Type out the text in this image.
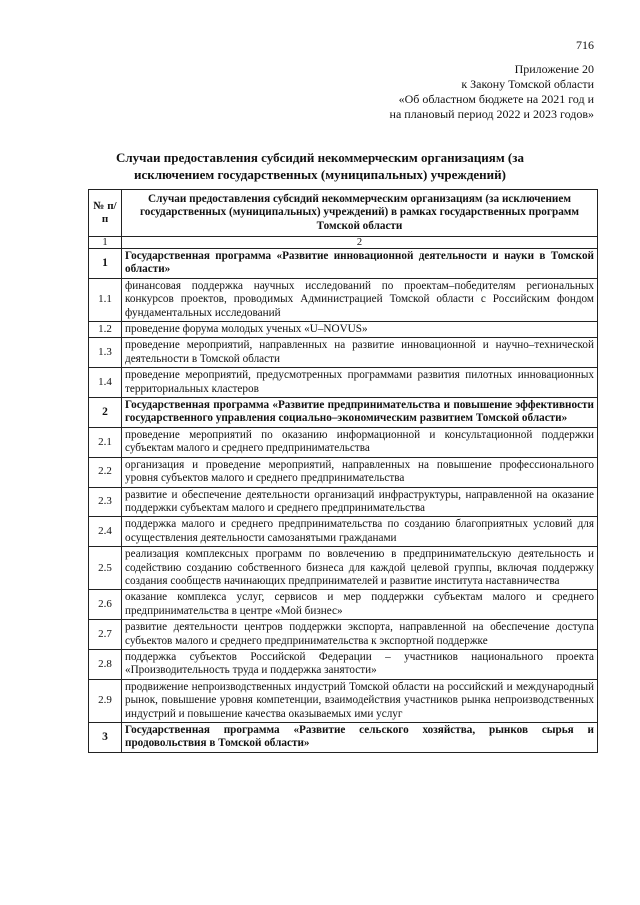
716
Приложение 20
к Закону Томской области
«Об областном бюджете на 2021 год и
на плановый период 2022 и 2023 годов»
Случаи предоставления субсидий некоммерческим организациям (за исключением государственных (муниципальных) учреждений)
№ п/п	Случаи предоставления субсидий некоммерческим организациям (за исключением государственных (муниципальных) учреждений) в рамках государственных программ Томской области
1	2
1	Государственная программа «Развитие инновационной деятельности и науки в Томской области»
1.1	финансовая поддержка научных исследований по проектам–победителям региональных конкурсов проектов, проводимых Администрацией Томской области с Российским фондом фундаментальных исследований
1.2	проведение форума молодых ученых «U–NOVUS»
1.3	проведение мероприятий, направленных на развитие инновационной и научно–технической деятельности в Томской области
1.4	проведение мероприятий, предусмотренных программами развития пилотных инновационных территориальных кластеров
2	Государственная программа «Развитие предпринимательства и повышение эффективности государственного управления социально–экономическим развитием Томской области»
2.1	проведение мероприятий по оказанию информационной и консультационной поддержки субъектам малого и среднего предпринимательства
2.2	организация и проведение мероприятий, направленных на повышение профессионального уровня субъектов малого и среднего предпринимательства
2.3	развитие и обеспечение деятельности организаций инфраструктуры, направленной на оказание поддержки субъектам малого и среднего предпринимательства
2.4	поддержка малого и среднего предпринимательства по созданию благоприятных условий для осуществления деятельности самозанятыми гражданами
2.5	реализация комплексных программ по вовлечению в предпринимательскую деятельность и содействию созданию собственного бизнеса для каждой целевой группы, включая поддержку создания сообществ начинающих предпринимателей и развитие института наставничества
2.6	оказание комплекса услуг, сервисов и мер поддержки субъектам малого и среднего предпринимательства в центре «Мой бизнес»
2.7	развитие деятельности центров поддержки экспорта, направленной на обеспечение доступа субъектов малого и среднего предпринимательства к экспортной поддержке
2.8	поддержка субъектов Российской Федерации – участников национального проекта «Производительность труда и поддержка занятости»
2.9	продвижение непроизводственных индустрий Томской области на российский и международный рынок, повышение уровня компетенции, взаимодействия участников рынка непроизводственных индустрий и повышение качества оказываемых ими услуг
3	Государственная программа «Развитие сельского хозяйства, рынков сырья и продовольствия в Томской области»
